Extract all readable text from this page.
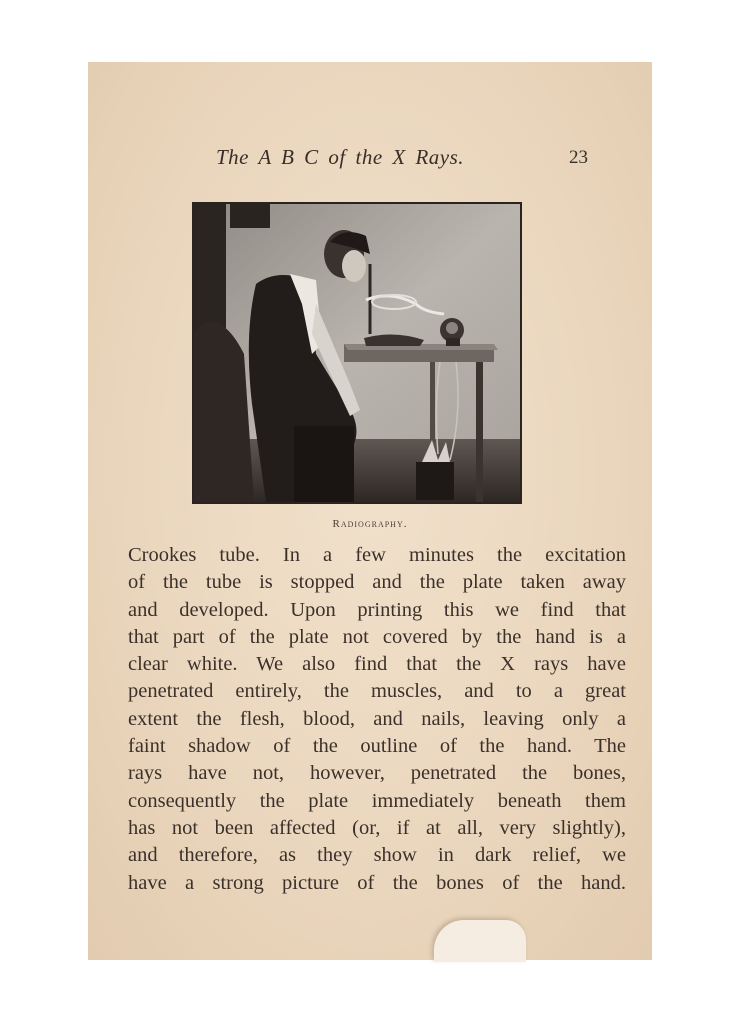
The A B C of the X Rays.	23
Radiography.
Crookes tube. In a few minutes the excitation
of the tube is stopped and the plate taken away
and developed. Upon printing this we find that
that part of the plate not covered by the hand is a
clear white. We also find that the X rays have
penetrated entirely, the muscles, and to a great
extent the flesh, blood, and nails, leaving only a
faint shadow of the outline of the hand. The
rays have not, however, penetrated the bones,
consequently the plate immediately beneath them
has not been affected (or, if at all, very slightly),
and therefore, as they show in dark relief, we
have a strong picture of the bones of the hand.
